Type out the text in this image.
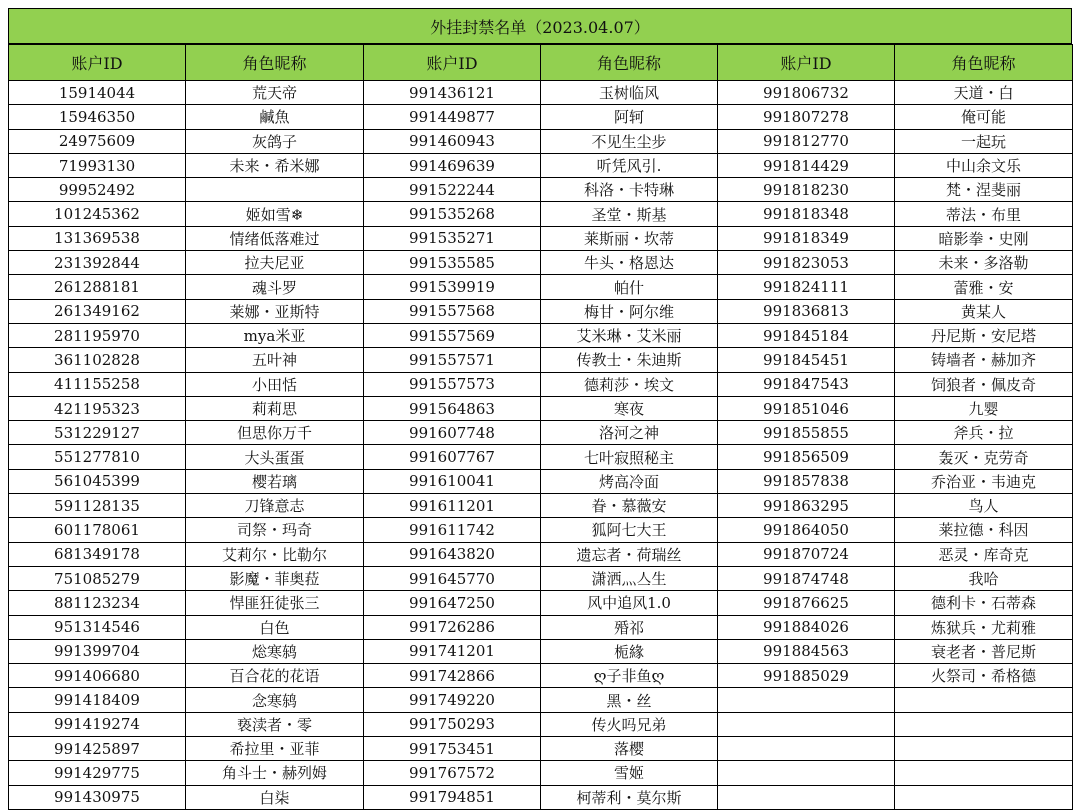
外挂封禁名单（2023.04.07）
账户ID	角色昵称	账户ID	角色昵称	账户ID	角色昵称
15914044	荒天帝	991436121	玉树临风	991806732	天道・白
15946350	鹹魚	991449877	阿轲	991807278	俺可能
24975609	灰鸽子	991460943	不见生尘步	991812770	一起玩
71993130	未来・希米娜	991469639	听凭风引.	991814429	中山余文乐
99952492		991522244	科洛・卡特琳	991818230	梵・涅斐丽
101245362	姬如雪❄	991535268	圣堂・斯基	991818348	蒂法・布里
131369538	情绪低落难过	991535271	莱斯丽・坎蒂	991818349	暗影拳・史刚
231392844	拉夫尼亚	991535585	牛头・格恩达	991823053	未来・多洛勒
261288181	魂斗罗	991539919	帕什	991824111	蕾雅・安
261349162	莱娜・亚斯特	991557568	梅甘・阿尔维	991836813	黄某人
281195970	mya米亚	991557569	艾米琳・艾米丽	991845184	丹尼斯・安尼塔
361102828	五叶神	991557571	传教士・朱迪斯	991845451	铸墙者・赫加齐
411155258	小田恬	991557573	德莉莎・埃文	991847543	饲狼者・佩皮奇
421195323	莉莉思	991564863	寒夜	991851046	九婴
531229127	但思你万千	991607748	洛河之神	991855855	斧兵・拉
551277810	大头蛋蛋	991607767	七叶寂照秘主	991856509	轰灭・克劳奇
561045399	樱若璃	991610041	烤高冷面	991857838	乔治亚・韦迪克
591128135	刀锋意志	991611201	眷・慕薇安	991863295	鸟人
601178061	司祭・玛奇	991611742	狐阿七大王	991864050	莱拉德・科因
681349178	艾莉尔・比勒尔	991643820	遗忘者・荷瑞丝	991870724	恶灵・库奇克
751085279	影魔・菲奥菈	991645770	潇洒灬亼生	991874748	我哈
881123234	悍匪狂徒张三	991647250	风中追风1.0	991876625	德利卡・石蒂森
951314546	白色	991726286	殙祁	991884026	炼狱兵・尤莉雅
991399704	焧寒鸫	991741201	栀緣	991884563	衰老者・普尼斯
991406680	百合花的花语	991742866	ღ子非鱼ღ	991885029	火祭司・希格德
991418409	念寒鸫	991749220	黑・丝		
991419274	亵渎者・零	991750293	传火吗兄弟		
991425897	希拉里・亚菲	991753451	落樱		
991429775	角斗士・赫列姆	991767572	雪姬		
991430975	白柒	991794851	柯蒂利・莫尔斯		
